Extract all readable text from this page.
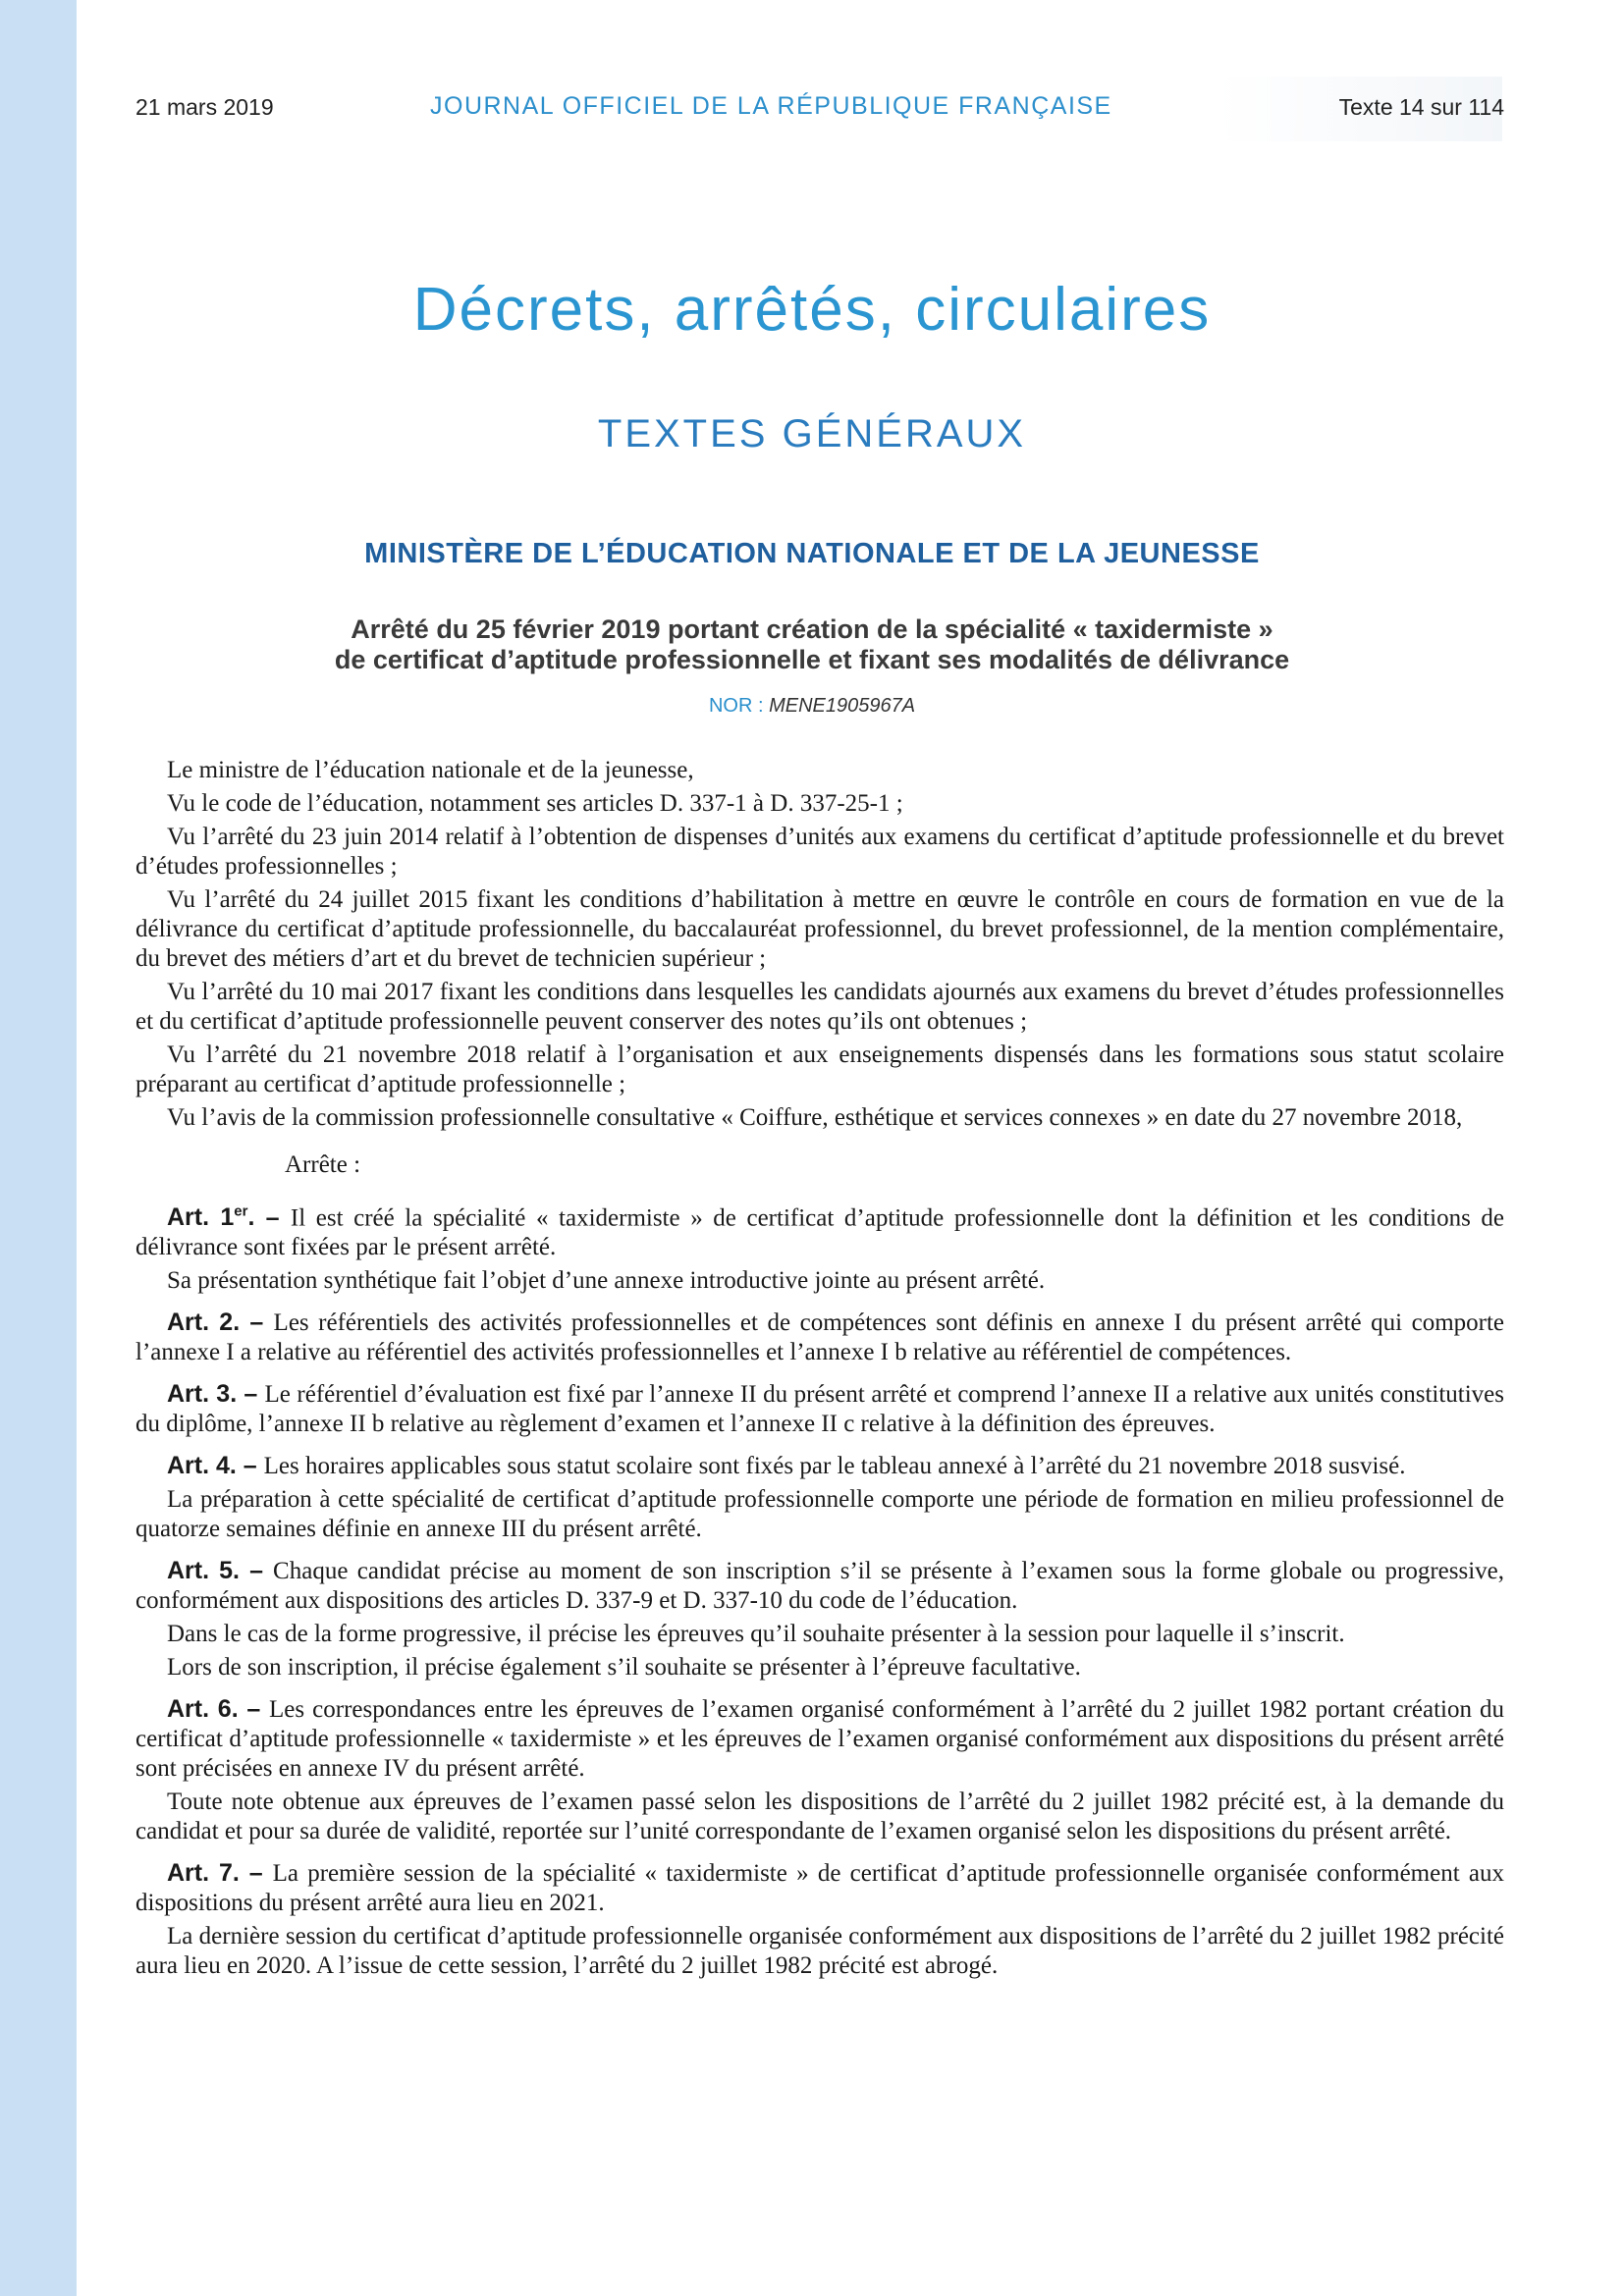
21 mars 2019	JOURNAL OFFICIEL DE LA RÉPUBLIQUE FRANÇAISE	Texte 14 sur 114
Décrets, arrêtés, circulaires
TEXTES GÉNÉRAUX
MINISTÈRE DE L’ÉDUCATION NATIONALE ET DE LA JEUNESSE
Arrêté du 25 février 2019 portant création de la spécialité « taxidermiste »
de certificat d’aptitude professionnelle et fixant ses modalités de délivrance
NOR : MENE1905967A

Le ministre de l’éducation nationale et de la jeunesse,

Vu le code de l’éducation, notamment ses articles D. 337-1 à D. 337-25-1 ;

Vu l’arrêté du 23 juin 2014 relatif à l’obtention de dispenses d’unités aux examens du certificat d’aptitude professionnelle et du brevet d’études professionnelles ;

Vu l’arrêté du 24 juillet 2015 fixant les conditions d’habilitation à mettre en œuvre le contrôle en cours de formation en vue de la délivrance du certificat d’aptitude professionnelle, du baccalauréat professionnel, du brevet professionnel, de la mention complémentaire, du brevet des métiers d’art et du brevet de technicien supérieur ;

Vu l’arrêté du 10 mai 2017 fixant les conditions dans lesquelles les candidats ajournés aux examens du brevet d’études professionnelles et du certificat d’aptitude professionnelle peuvent conserver des notes qu’ils ont obtenues ;

Vu l’arrêté du 21 novembre 2018 relatif à l’organisation et aux enseignements dispensés dans les formations sous statut scolaire préparant au certificat d’aptitude professionnelle ;

Vu l’avis de la commission professionnelle consultative « Coiffure, esthétique et services connexes » en date du 27 novembre 2018,

Arrête :

Art. 1er. – Il est créé la spécialité « taxidermiste » de certificat d’aptitude professionnelle dont la définition et les conditions de délivrance sont fixées par le présent arrêté.

Sa présentation synthétique fait l’objet d’une annexe introductive jointe au présent arrêté.

Art. 2. – Les référentiels des activités professionnelles et de compétences sont définis en annexe I du présent arrêté qui comporte l’annexe I a relative au référentiel des activités professionnelles et l’annexe I b relative au référentiel de compétences.

Art. 3. – Le référentiel d’évaluation est fixé par l’annexe II du présent arrêté et comprend l’annexe II a relative aux unités constitutives du diplôme, l’annexe II b relative au règlement d’examen et l’annexe II c relative à la définition des épreuves.

Art. 4. – Les horaires applicables sous statut scolaire sont fixés par le tableau annexé à l’arrêté du 21 novembre 2018 susvisé.

La préparation à cette spécialité de certificat d’aptitude professionnelle comporte une période de formation en milieu professionnel de quatorze semaines définie en annexe III du présent arrêté.

Art. 5. – Chaque candidat précise au moment de son inscription s’il se présente à l’examen sous la forme globale ou progressive, conformément aux dispositions des articles D. 337-9 et D. 337-10 du code de l’éducation.

Dans le cas de la forme progressive, il précise les épreuves qu’il souhaite présenter à la session pour laquelle il s’inscrit.

Lors de son inscription, il précise également s’il souhaite se présenter à l’épreuve facultative.

Art. 6. – Les correspondances entre les épreuves de l’examen organisé conformément à l’arrêté du 2 juillet 1982 portant création du certificat d’aptitude professionnelle « taxidermiste » et les épreuves de l’examen organisé conformément aux dispositions du présent arrêté sont précisées en annexe IV du présent arrêté.

Toute note obtenue aux épreuves de l’examen passé selon les dispositions de l’arrêté du 2 juillet 1982 précité est, à la demande du candidat et pour sa durée de validité, reportée sur l’unité correspondante de l’examen organisé selon les dispositions du présent arrêté.

Art. 7. – La première session de la spécialité « taxidermiste » de certificat d’aptitude professionnelle organisée conformément aux dispositions du présent arrêté aura lieu en 2021.

La dernière session du certificat d’aptitude professionnelle organisée conformément aux dispositions de l’arrêté du 2 juillet 1982 précité aura lieu en 2020. A l’issue de cette session, l’arrêté du 2 juillet 1982 précité est abrogé.
